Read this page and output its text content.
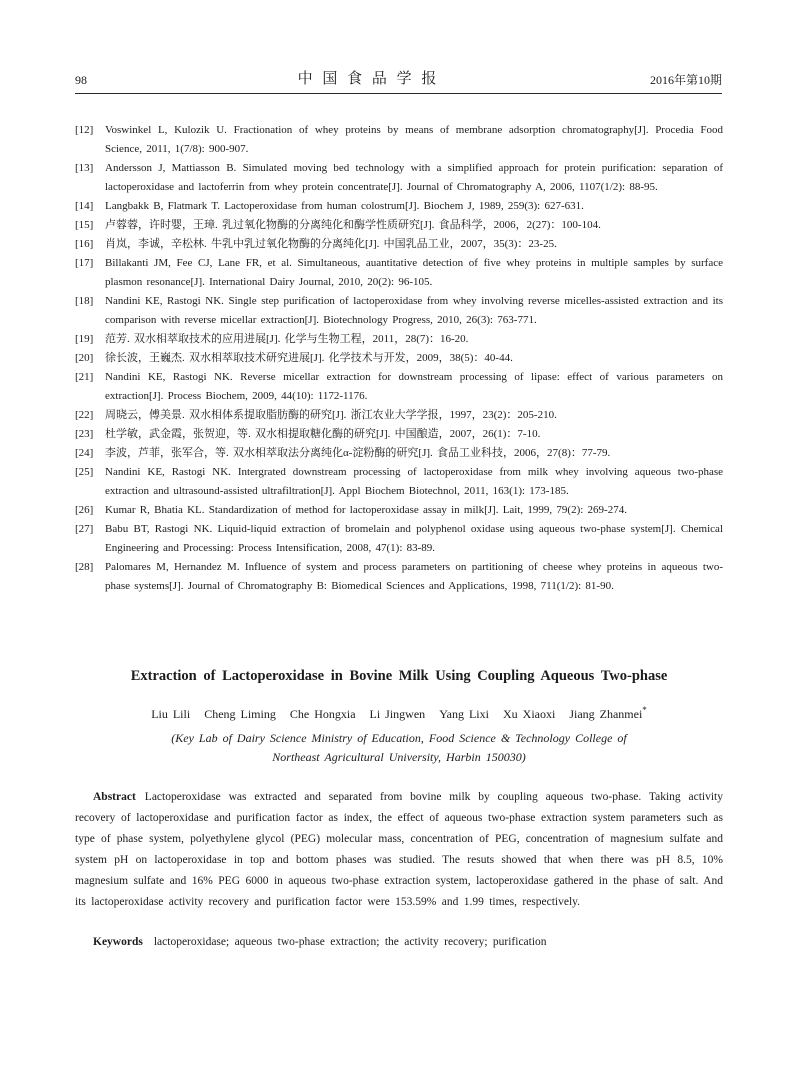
98	中 国 食 品 学 报	2016年第10期
[12] Voswinkel L, Kulozik U. Fractionation of whey proteins by means of membrane adsorption chromatography[J]. Procedia Food Science, 2011, 1(7/8): 900-907.
[13] Andersson J, Mattiasson B. Simulated moving bed technology with a simplified approach for protein purification: separation of lactoperoxidase and lactoferrin from whey protein concentrate[J]. Journal of Chromatography A, 2006, 1107(1/2): 88-95.
[14] Langbakk B, Flatmark T. Lactoperoxidase from human colostrum[J]. Biochem J, 1989, 259(3): 627-631.
[15] 卢蓉蓉，许时婴，王璋. 乳过氧化物酶的分离纯化和酶学性质研究[J]. 食品科学，2006，2(27)：100-104.
[16] 肖岚，李诚，辛松林. 牛乳中乳过氧化物酶的分离纯化[J]. 中国乳品工业，2007，35(3)：23-25.
[17] Billakanti JM, Fee CJ, Lane FR, et al. Simultaneous, auantitative detection of five whey proteins in multiple samples by surface plasmon resonance[J]. International Dairy Journal, 2010, 20(2): 96-105.
[18] Nandini KE, Rastogi NK. Single step purification of lactoperoxidase from whey involving reverse micelles-assisted extraction and its comparison with reverse micellar extraction[J]. Biotechnology Progress, 2010, 26(3): 763-771.
[19] 范芳. 双水相萃取技术的应用进展[J]. 化学与生物工程，2011，28(7)：16-20.
[20] 徐长波，王巍杰. 双水相萃取技术研究进展[J]. 化学技术与开发，2009，38(5)：40-44.
[21] Nandini KE, Rastogi NK. Reverse micellar extraction for downstream processing of lipase: effect of various parameters on extraction[J]. Process Biochem, 2009, 44(10): 1172-1176.
[22] 周晓云，傅美景. 双水相体系提取脂肪酶的研究[J]. 浙江农业大学学报，1997，23(2)：205-210.
[23] 杜学敏，武金霞，张贺迎，等. 双水相提取糖化酶的研究[J]. 中国酿造，2007，26(1)：7-10.
[24] 李波，芦菲，张军合，等. 双水相萃取法分离纯化α-淀粉酶的研究[J]. 食品工业科技，2006，27(8)：77-79.
[25] Nandini KE, Rastogi NK. Intergrated downstream processing of lactoperoxidase from milk whey involving aqueous two-phase extraction and ultrasound-assisted ultrafiltration[J]. Appl Biochem Biotechnol, 2011, 163(1): 173-185.
[26] Kumar R, Bhatia KL. Standardization of method for lactoperoxidase assay in milk[J]. Lait, 1999, 79(2): 269-274.
[27] Babu BT, Rastogi NK. Liquid-liquid extraction of bromelain and polyphenol oxidase using aqueous two-phase system[J]. Chemical Engineering and Processing: Process Intensification, 2008, 47(1): 83-89.
[28] Palomares M, Hernandez M. Influence of system and process parameters on partitioning of cheese whey proteins in aqueous two-phase systems[J]. Journal of Chromatography B: Biomedical Sciences and Applications, 1998, 711(1/2): 81-90.
Extraction of Lactoperoxidase in Bovine Milk Using Coupling Aqueous Two-phase

Liu Lili Cheng Liming Che Hongxia Li Jingwen Yang Lixi Xu Xiaoxi Jiang Zhanmei*

(Key Lab of Dairy Science Ministry of Education, Food Science & Technology College of

Northeast Agricultural University, Harbin 150030)

Abstract Lactoperoxidase was extracted and separated from bovine milk by coupling aqueous two-phase. Taking activity recovery of lactoperoxidase and purification factor as index, the effect of aqueous two-phase extraction system parameters such as type of phase system, polyethylene glycol (PEG) molecular mass, concentration of PEG, concentration of magnesium sulfate and system pH on lactoperoxidase in top and bottom phases was studied. The resuts showed that when there was pH 8.5, 10% magnesium sulfate and 16% PEG 6000 in aqueous two-phase extraction system, lactoperoxidase gathered in the phase of salt. And its lactoperoxidase activity recovery and purification factor were 153.59% and 1.99 times, respectively.

Keywords lactoperoxidase; aqueous two-phase extraction; the activity recovery; purification
